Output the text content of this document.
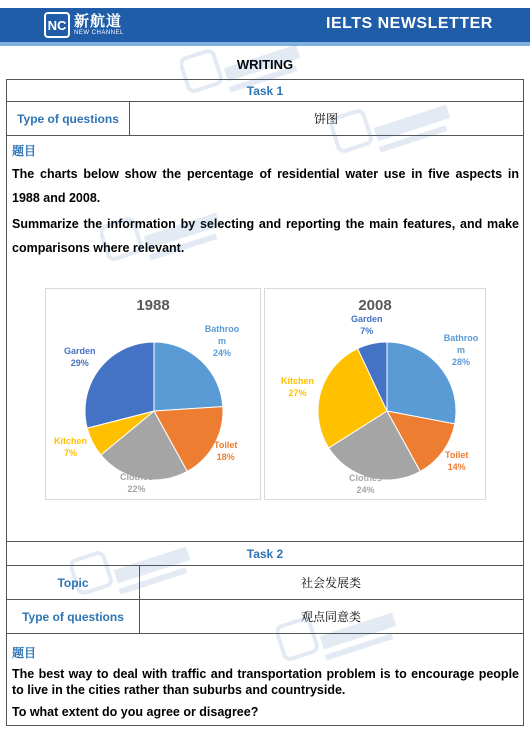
NC 新航道
NEW CHANNEL
IELTS NEWSLETTER
WRITING
Task 1
Type of questions	饼图
题目
The charts below show the percentage of residential water use in five aspects in 1988 and 2008.
Summarize the information by selecting and reporting the main features, and make comparisons where relevant.
1988
Bathroo
m
24%
Toilet
18%
Clothes
22%
Kitchen
7%
Garden
29%
2008
Bathroo
m
28%
Toilet
14%
Clothes
24%
Kitchen
27%
Garden
7%
Task 2
Topic	社会发展类
Type of questions	观点同意类
题目
The best way to deal with traffic and transportation problem is to encourage people to live in the cities rather than suburbs and countryside.
To what extent do you agree or disagree?
